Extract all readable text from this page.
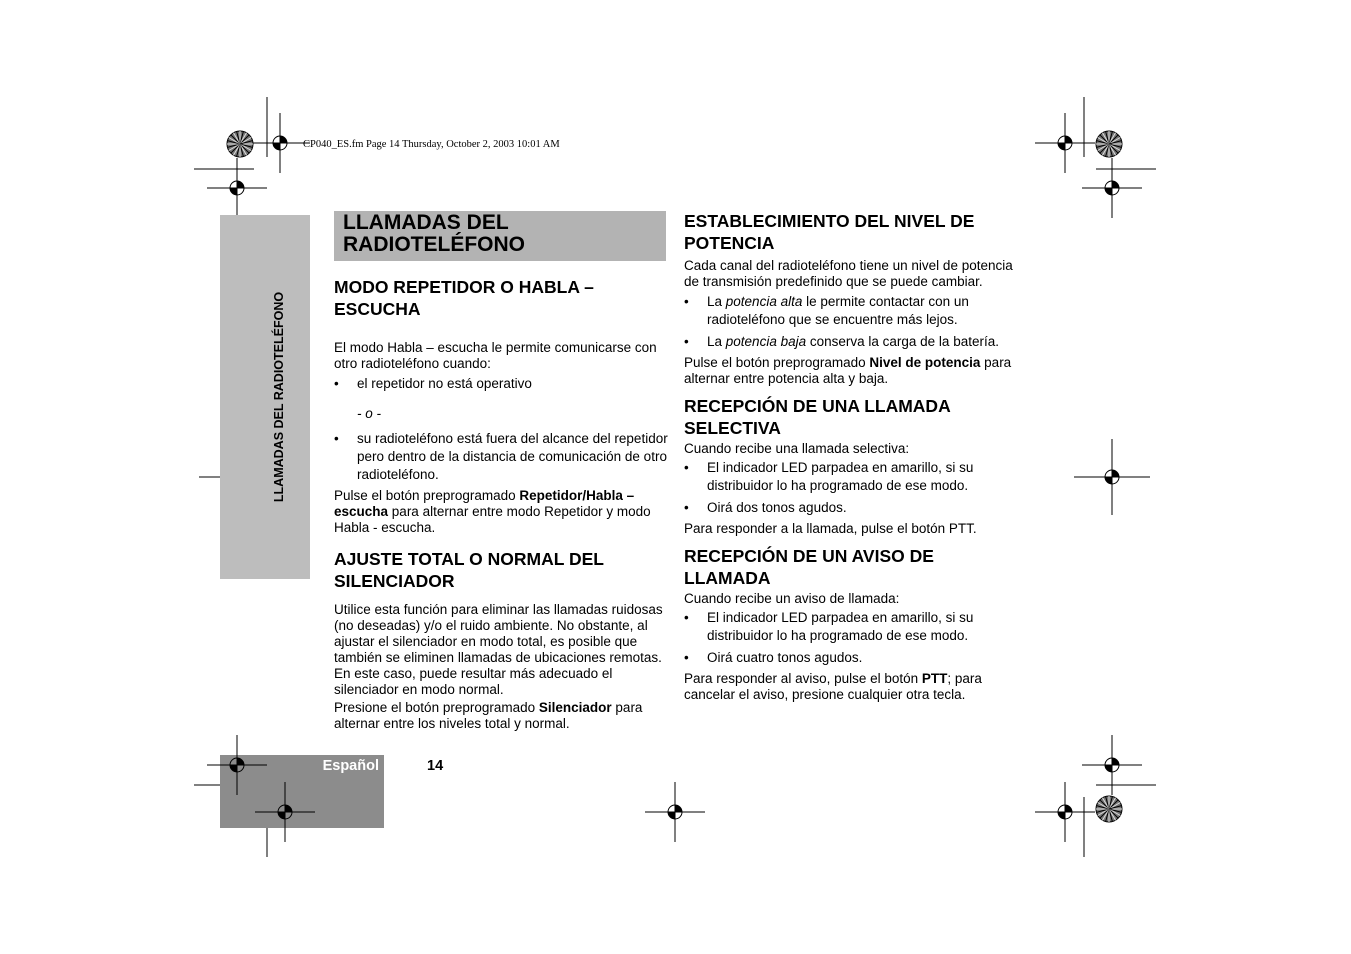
CP040_ES.fm Page 14 Thursday, October 2, 2003 10:01 AM
LLAMADAS DEL RADIOTELÉFONO
LLAMADAS DEL
RADIOTELÉFONO
MODO REPETIDOR O HABLA –
ESCUCHA

El modo Habla – escucha le permite comunicarse con otro radioteléfono cuando:

• el repetidor no está operativo
- o -
• su radioteléfono está fuera del alcance del repetidor pero dentro de la distancia de comunicación de otro radioteléfono.

Pulse el botón preprogramado Repetidor/Habla – escucha para alternar entre modo Repetidor y modo Habla - escucha.

AJUSTE TOTAL O NORMAL DEL
SILENCIADOR

Utilice esta función para eliminar las llamadas ruidosas (no deseadas) y/o el ruido ambiente. No obstante, al ajustar el silenciador en modo total, es posible que también se eliminen llamadas de ubicaciones remotas. En este caso, puede resultar más adecuado el silenciador en modo normal.

Presione el botón preprogramado Silenciador para alternar entre los niveles total y normal.

ESTABLECIMIENTO DEL NIVEL DE
POTENCIA

Cada canal del radioteléfono tiene un nivel de potencia de transmisión predefinido que se puede cambiar.

• La potencia alta le permite contactar con un radioteléfono que se encuentre más lejos.
• La potencia baja conserva la carga de la batería.

Pulse el botón preprogramado Nivel de potencia para alternar entre potencia alta y baja.

RECEPCIÓN DE UNA LLAMADA
SELECTIVA

Cuando recibe una llamada selectiva:

• El indicador LED parpadea en amarillo, si su distribuidor lo ha programado de ese modo.
• Oirá dos tonos agudos.

Para responder a la llamada, pulse el botón PTT.

RECEPCIÓN DE UN AVISO DE
LLAMADA

Cuando recibe un aviso de llamada:

• El indicador LED parpadea en amarillo, si su distribuidor lo ha programado de ese modo.
• Oirá cuatro tonos agudos.

Para responder al aviso, pulse el botón PTT; para cancelar el aviso, presione cualquier otra tecla.

Español	14
